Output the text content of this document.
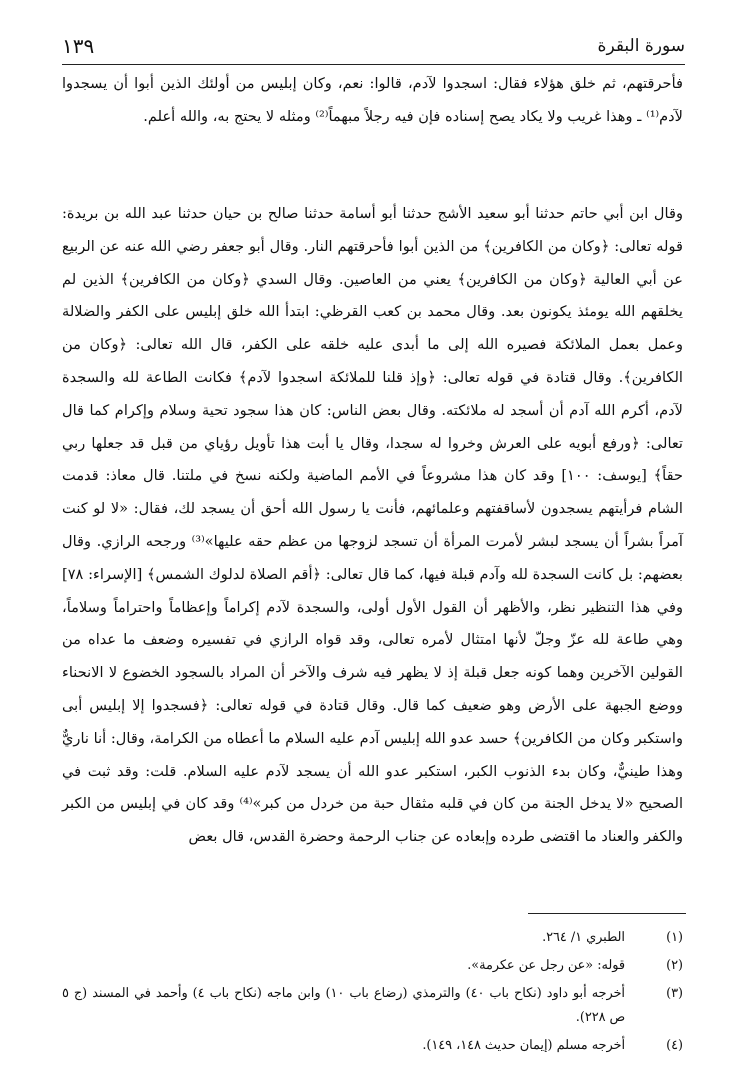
سورة البقرة
١٣٩

فأحرقتهم، ثم خلق هؤلاء فقال: اسجدوا لآدم، قالوا: نعم، وكان إبليس من أولئك الذين أبوا أن يسجدوا لآدم⁽¹⁾ ـ وهذا غريب ولا يكاد يصح إسناده فإن فيه رجلاً مبهماً⁽²⁾ ومثله لا يحتج به، والله أعلم.

وقال ابن أبي حاتم حدثنا أبو سعيد الأشج حدثنا أبو أسامة حدثنا صالح بن حيان حدثنا عبد الله بن بريدة: قوله تعالى: ﴿وكان من الكافرين﴾ من الذين أبوا فأحرقتهم النار. وقال أبو جعفر رضي الله عنه عن الربيع عن أبي العالية ﴿وكان من الكافرين﴾ يعني من العاصين. وقال السدي ﴿وكان من الكافرين﴾ الذين لم يخلقهم الله يومئذ يكونون بعد. وقال محمد بن كعب القرظي: ابتدأ الله خلق إبليس على الكفر والضلالة وعمل بعمل الملائكة فصيره الله إلى ما أبدى عليه خلقه على الكفر، قال الله تعالى: ﴿وكان من الكافرين﴾. وقال قتادة في قوله تعالى: ﴿وإذ قلنا للملائكة اسجدوا لآدم﴾ فكانت الطاعة لله والسجدة لآدم، أكرم الله آدم أن أسجد له ملائكته. وقال بعض الناس: كان هذا سجود تحية وسلام وإكرام كما قال تعالى: ﴿ورفع أبويه على العرش وخروا له سجدا، وقال يا أبت هذا تأويل رؤياي من قبل قد جعلها ربي حقاً﴾ [يوسف: ١٠٠] وقد كان هذا مشروعاً في الأمم الماضية ولكنه نسخ في ملتنا. قال معاذ: قدمت الشام فرأيتهم يسجدون لأساقفتهم وعلمائهم، فأنت يا رسول الله أحق أن يسجد لك، فقال: «لا لو كنت آمراً بشراً أن يسجد لبشر لأمرت المرأة أن تسجد لزوجها من عظم حقه عليها»⁽³⁾ ورجحه الرازي. وقال بعضهم: بل كانت السجدة لله وآدم قبلة فيها، كما قال تعالى: ﴿أقم الصلاة لدلوك الشمس﴾ [الإسراء: ٧٨] وفي هذا التنظير نظر، والأظهر أن القول الأول أولى، والسجدة لآدم إكراماً وإعظاماً واحتراماً وسلاماً، وهي طاعة لله عزّ وجلّ لأنها امتثال لأمره تعالى، وقد قواه الرازي في تفسيره وضعف ما عداه من القولين الآخرين وهما كونه جعل قبلة إذ لا يظهر فيه شرف والآخر أن المراد بالسجود الخضوع لا الانحناء ووضع الجبهة على الأرض وهو ضعيف كما قال. وقال قتادة في قوله تعالى: ﴿فسجدوا إلا إبليس أبى واستكبر وكان من الكافرين﴾ حسد عدو الله إبليس آدم عليه السلام ما أعطاه من الكرامة، وقال: أنا ناريٌّ وهذا طينيٌّ، وكان بدء الذنوب الكبر، استكبر عدو الله أن يسجد لآدم عليه السلام. قلت: وقد ثبت في الصحيح «لا يدخل الجنة من كان في قلبه مثقال حبة من خردل من كبر»⁽⁴⁾ وقد كان في إبليس من الكبر والكفر والعناد ما اقتضى طرده وإبعاده عن جناب الرحمة وحضرة القدس، قال بعض

(١)
الطبري ١/ ٢٦٤.
(٢)
قوله: «عن رجل عن عكرمة».
(٣)
أخرجه أبو داود (نكاح باب ٤٠) والترمذي (رضاع باب ١٠) وابن ماجه (نكاح باب ٤) وأحمد في المسند (ج ٥ ص ٢٢٨).
(٤)
أخرجه مسلم (إيمان حديث ١٤٨، ١٤٩).
